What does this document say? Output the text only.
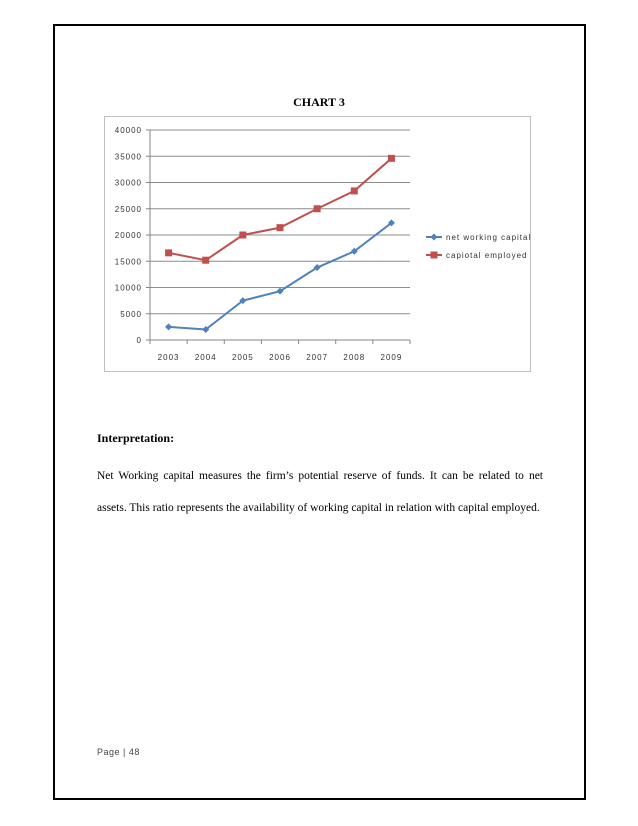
CHART 3
0
5000
10000
15000
20000
25000
30000
35000
40000
2003 2004 2005 2006 2007 2008 2009
net working capital
capiotal employed
Interpretation:

Net Working capital measures the firm’s potential reserve of funds. It can be related to net assets. This ratio represents the availability of working capital in relation with capital employed.

Page | 48
